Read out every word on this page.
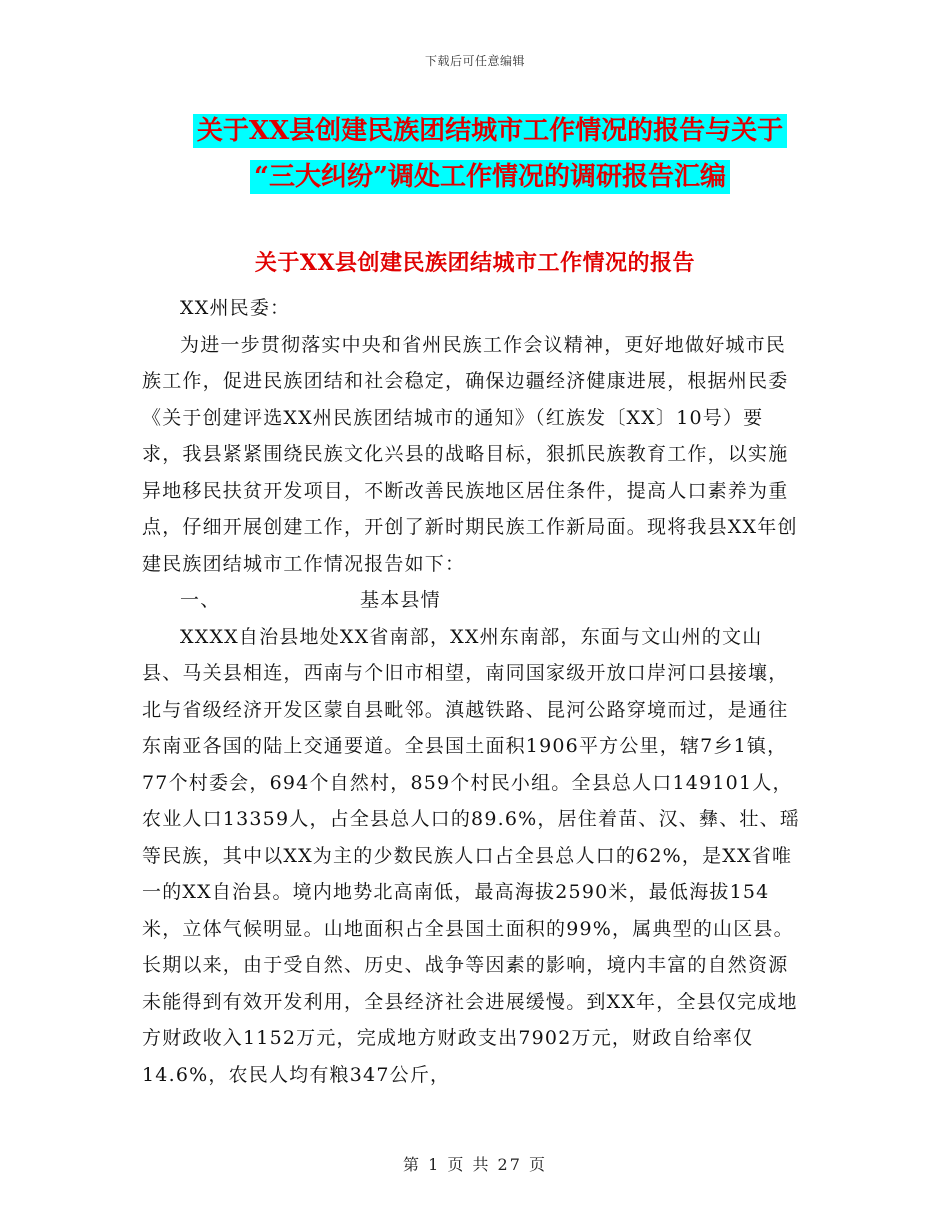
下载后可任意编辑
关于XX县创建民族团结城市工作情况的报告与关于
“三大纠纷”调处工作情况的调研报告汇编
关于XX县创建民族团结城市工作情况的报告

XX州民委：

为进一步贯彻落实中央和省州民族工作会议精神，更好地做好城市民族工作，促进民族团结和社会稳定，确保边疆经济健康进展，根据州民委《关于创建评选XX州民族团结城市的通知》（红族发〔XX〕10号）要求，我县紧紧围绕民族文化兴县的战略目标，狠抓民族教育工作，以实施异地移民扶贫开发项目，不断改善民族地区居住条件，提高人口素养为重点，仔细开展创建工作，开创了新时期民族工作新局面。现将我县XX年创建民族团结城市工作情况报告如下：

一、	基本县情

XXXX自治县地处XX省南部，XX州东南部，东面与文山州的文山县、马关县相连，西南与个旧市相望，南同国家级开放口岸河口县接壤，北与省级经济开发区蒙自县毗邻。滇越铁路、昆河公路穿境而过，是通往东南亚各国的陆上交通要道。全县国土面积1906平方公里，辖7乡1镇，77个村委会，694个自然村，859个村民小组。全县总人口149101人，农业人口13359人，占全县总人口的89.6%，居住着苗、汉、彝、壮、瑶等民族，其中以XX为主的少数民族人口占全县总人口的62%，是XX省唯一的XX自治县。境内地势北高南低，最高海拔2590米，最低海拔154米，立体气候明显。山地面积占全县国土面积的99%，属典型的山区县。长期以来，由于受自然、历史、战争等因素的影响，境内丰富的自然资源未能得到有效开发利用，全县经济社会进展缓慢。到XX年，全县仅完成地方财政收入1152万元，完成地方财政支出7902万元，财政自给率仅14.6%，农民人均有粮347公斤，

第 1 页 共 27 页
